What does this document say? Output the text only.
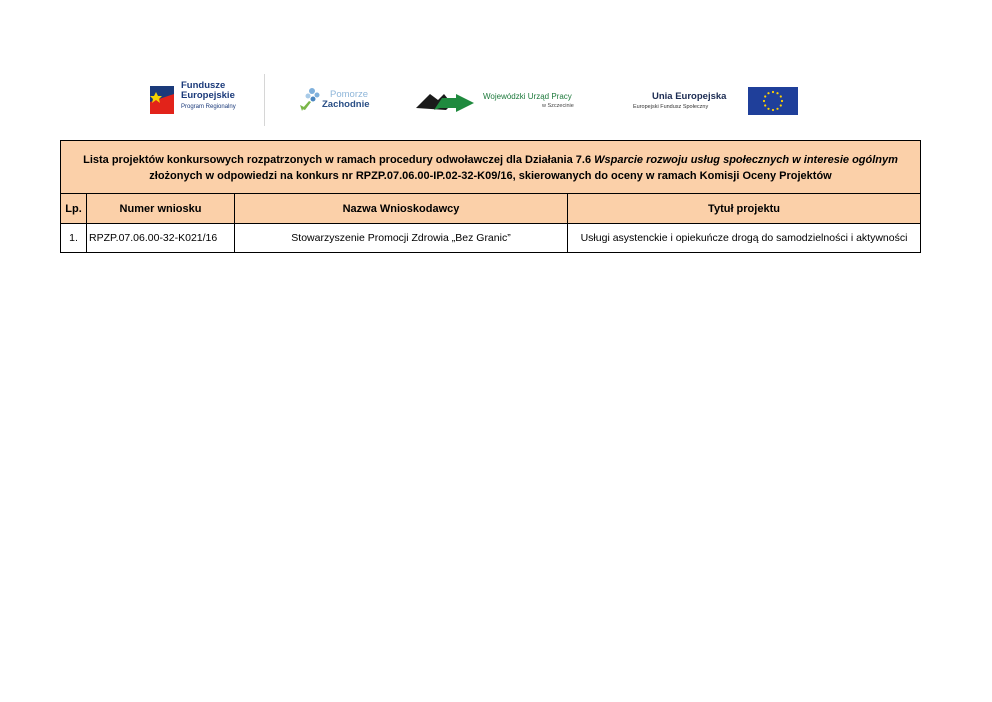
Fundusze
Europejskie
Program Regionalny
Pomorze
Zachodnie
Wojewódzki Urząd Pracy
w Szczecinie
Unia Europejska
Europejski Fundusz Społeczny
Lista projektów konkursowych rozpatrzonych w ramach procedury odwoławczej dla Działania 7.6 Wsparcie rozwoju usług społecznych w interesie ogólnym złożonych w odpowiedzi na konkurs nr RPZP.07.06.00-IP.02-32-K09/16, skierowanych do oceny w ramach Komisji Oceny Projektów			
Lp.	Numer wniosku	Nazwa Wnioskodawcy	Tytuł projektu
1.	RPZP.07.06.00-32-K021/16	Stowarzyszenie Promocji Zdrowia „Bez Granic”	Usługi asystenckie i opiekuńcze drogą do samodzielności i aktywności
